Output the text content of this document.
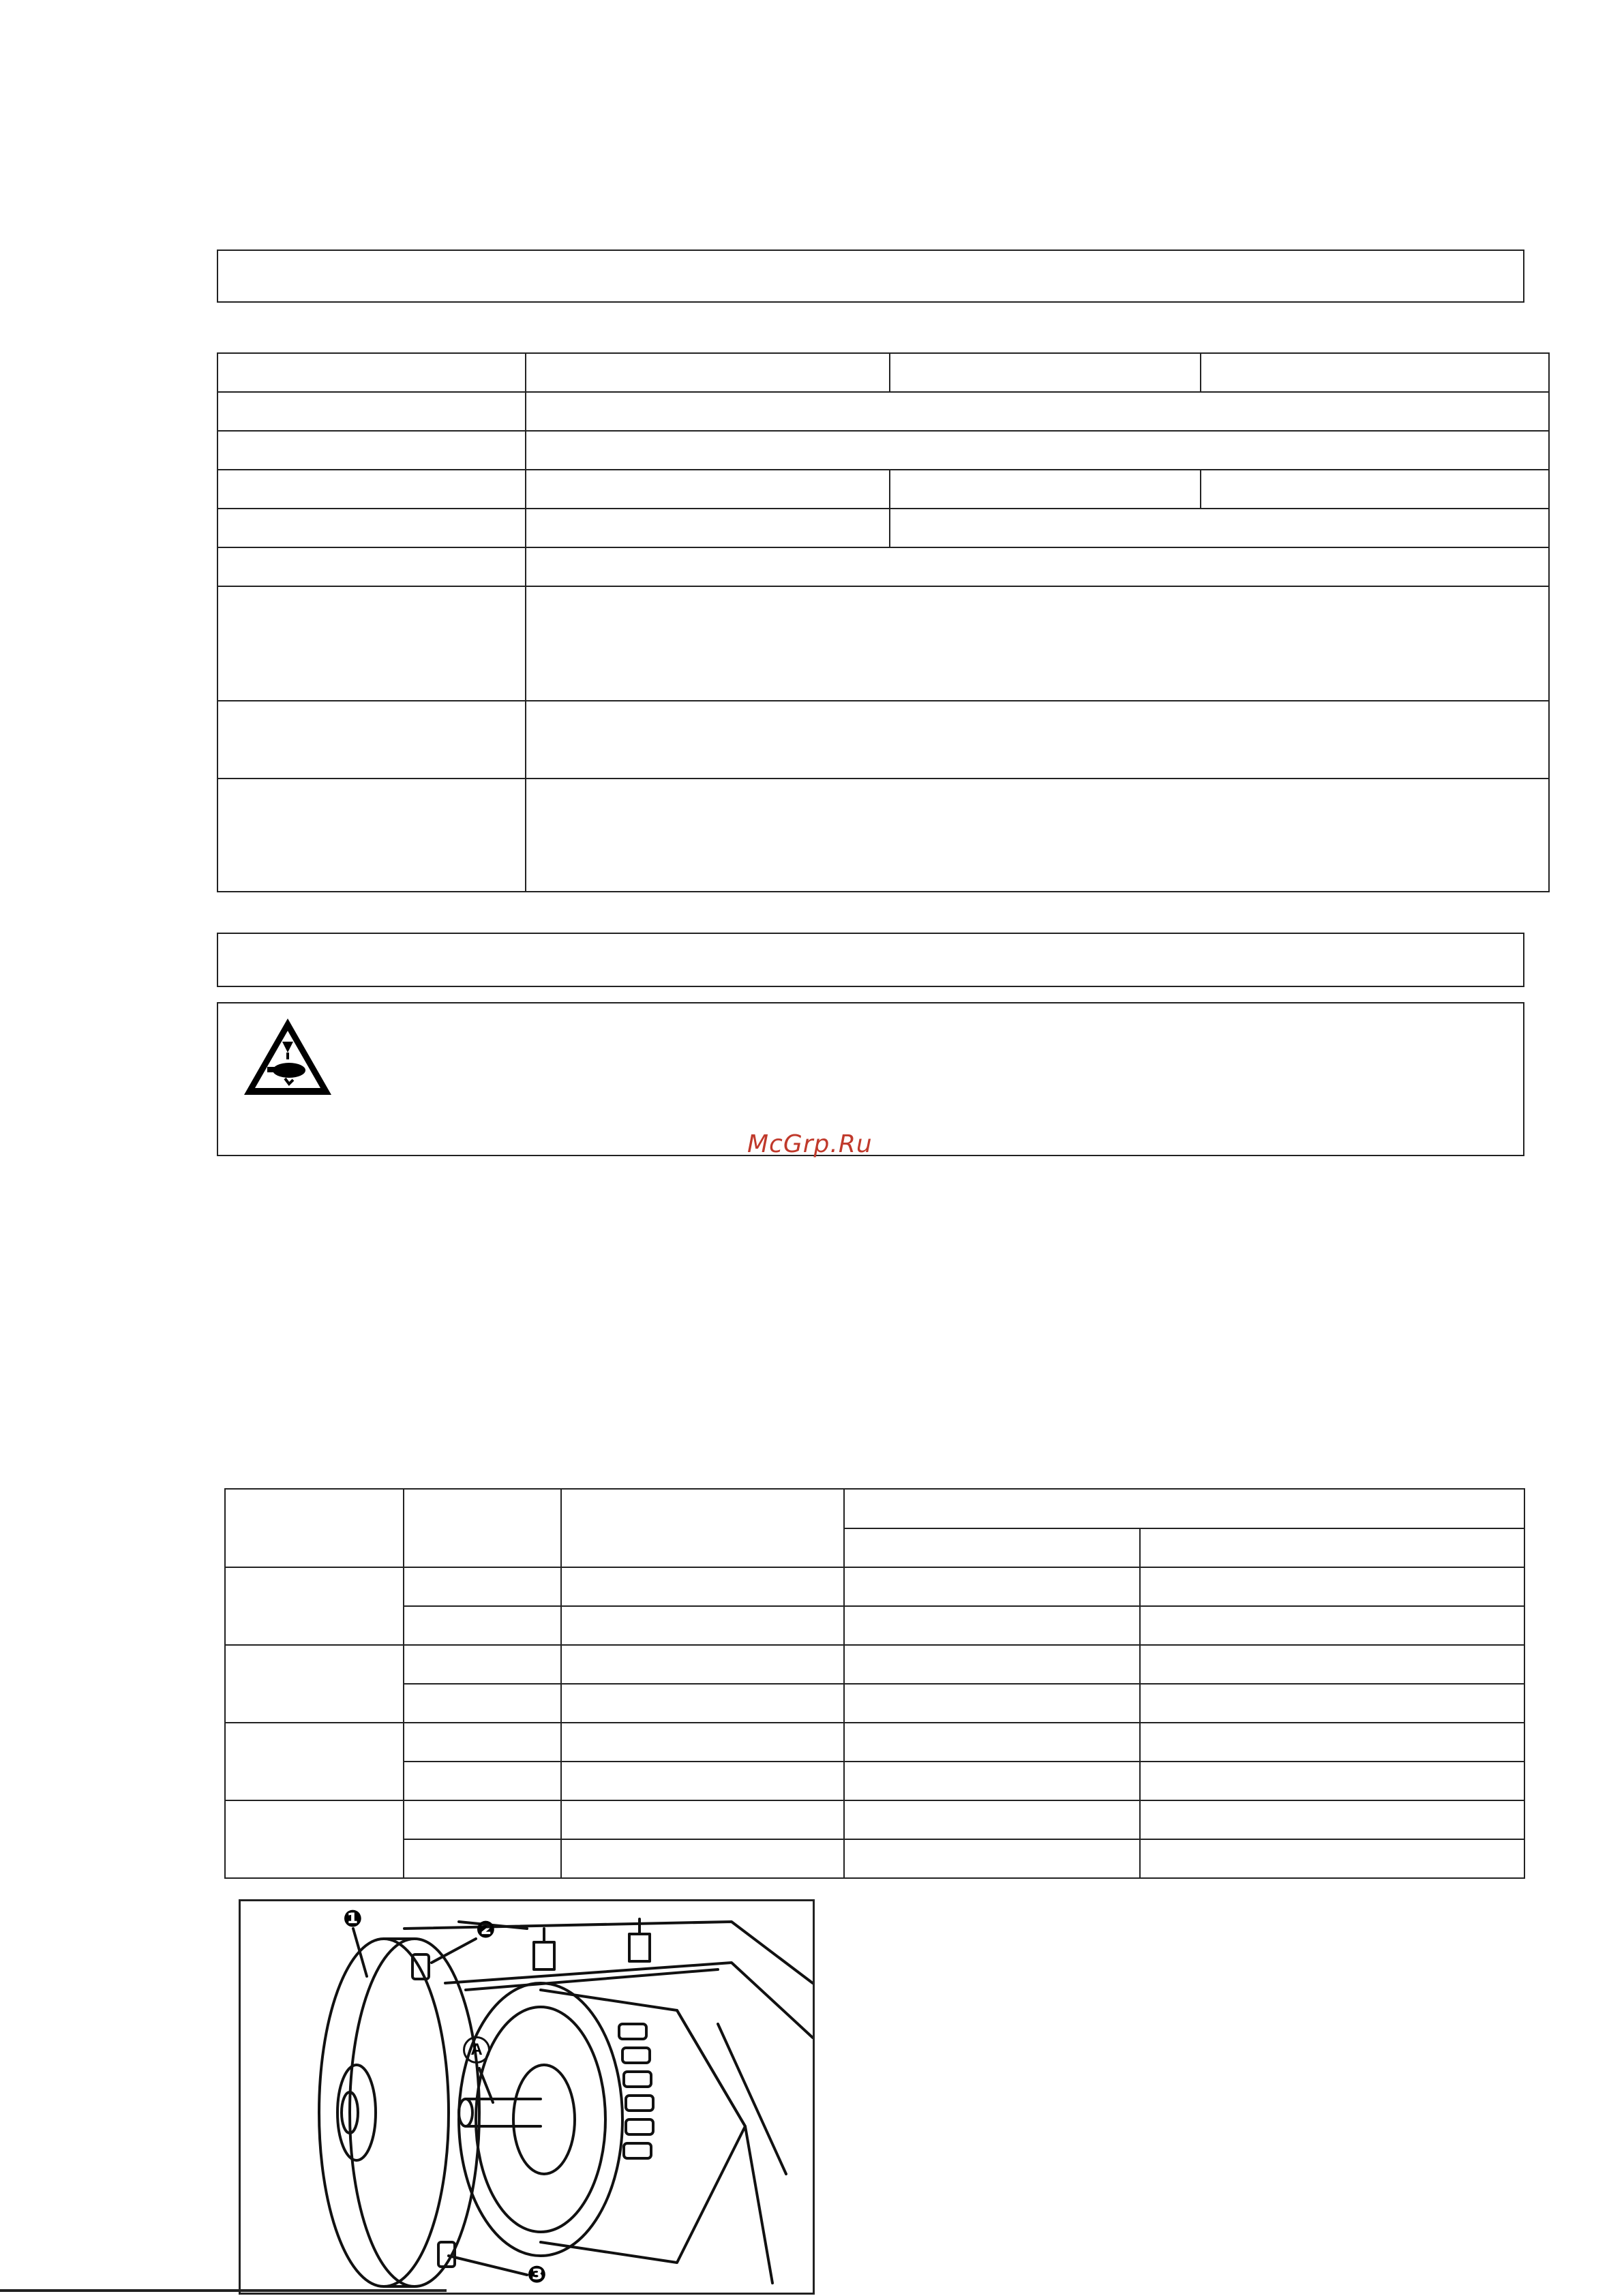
McGrp.Ru

❶	❷
❸
A
